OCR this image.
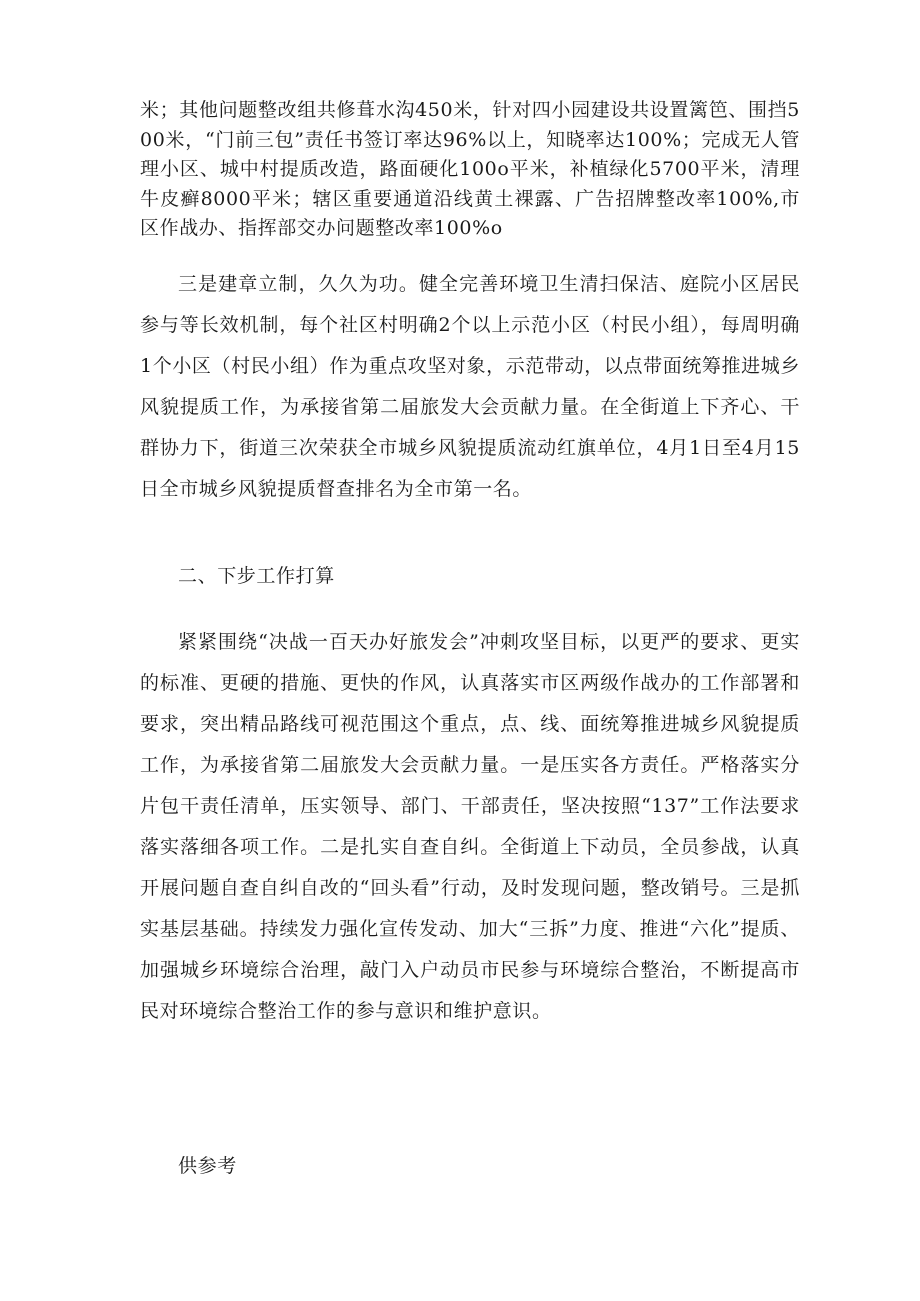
米；其他问题整改组共修葺水沟450米，针对四小园建设共设置篱笆、围挡500米，“门前三包”责任书签订率达96%以上，知晓率达100%；完成无人管理小区、城中村提质改造，路面硬化100o平米，补植绿化5700平米，清理牛皮癣8000平米；辖区重要通道沿线黄土裸露、广告招牌整改率100%,市区作战办、指挥部交办问题整改率100%o

三是建章立制，久久为功。健全完善环境卫生清扫保洁、庭院小区居民参与等长效机制，每个社区村明确2个以上示范小区（村民小组），每周明确1个小区（村民小组）作为重点攻坚对象，示范带动，以点带面统筹推进城乡风貌提质工作，为承接省第二届旅发大会贡献力量。在全街道上下齐心、干群协力下，街道三次荣获全市城乡风貌提质流动红旗单位，4月1日至4月15日全市城乡风貌提质督查排名为全市第一名。

二、下步工作打算

紧紧围绕“决战一百天办好旅发会”冲刺攻坚目标，以更严的要求、更实的标准、更硬的措施、更快的作风，认真落实市区两级作战办的工作部署和要求，突出精品路线可视范围这个重点，点、线、面统筹推进城乡风貌提质工作，为承接省第二届旅发大会贡献力量。一是压实各方责任。严格落实分片包干责任清单，压实领导、部门、干部责任，坚决按照“137”工作法要求落实落细各项工作。二是扎实自查自纠。全街道上下动员，全员参战，认真开展问题自查自纠自改的“回头看”行动，及时发现问题，整改销号。三是抓实基层基础。持续发力强化宣传发动、加大“三拆”力度、推进“六化”提质、加强城乡环境综合治理，敲门入户动员市民参与环境综合整治，不断提高市民对环境综合整治工作的参与意识和维护意识。

供参考
